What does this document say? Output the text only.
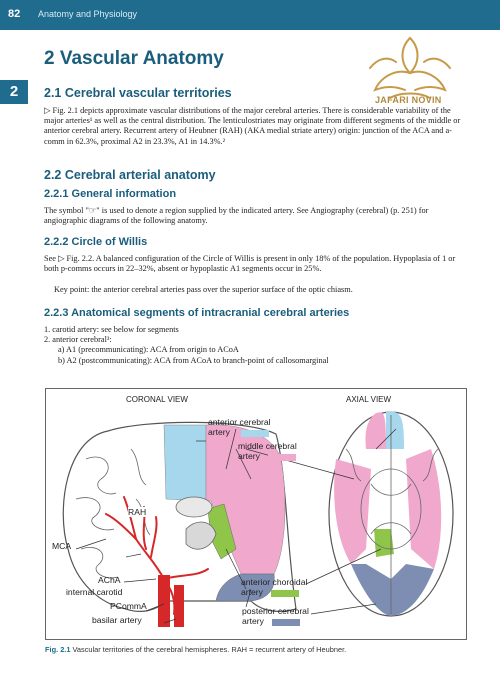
82 Anatomy and Physiology
2	JAFARI NOVIN
2 Vascular Anatomy
2.1 Cerebral vascular territories
▷ Fig. 2.1 depicts approximate vascular distributions of the major cerebral arteries. There is considerable variability of the major arteries¹ as well as the central distribution. The lenticulostriates may originate from different segments of the middle or anterior cerebral artery. Recurrent artery of Heubner (RAH) (AKA medial striate artery) origin: junction of the ACA and a-comm in 62.3%, proximal A2 in 23.3%, A1 in 14.3%.²
2.2 Cerebral arterial anatomy
2.2.1 General information
The symbol "☞" is used to denote a region supplied by the indicated artery. See Angiography (cerebral) (p. 251) for angiographic diagrams of the following anatomy.
2.2.2 Circle of Willis
See ▷ Fig. 2.2. A balanced configuration of the Circle of Willis is present in only 18% of the population. Hypoplasia of 1 or both p-comms occurs in 22–32%, absent or hypoplastic A1 segments occur in 25%.
Key point: the anterior cerebral arteries pass over the superior surface of the optic chiasm.
2.2.3 Anatomical segments of intracranial cerebral arteries
1. carotid artery: see below for segments
2. anterior cerebral³:
a) A1 (precommunicating): ACA from origin to ACoA
b) A2 (postcommunicating): ACA from ACoA to branch-point of callosomarginal
CORONAL VIEW	AXIAL VIEW
anterior cerebral
artery
middle cerebral
artery
anterior choroidal
artery
posterior cerebral
artery
RAH
MCA
AChA
internal carotid
PCommA
basilar artery
Fig. 2.1 Vascular territories of the cerebral hemispheres. RAH = recurrent artery of Heubner.
